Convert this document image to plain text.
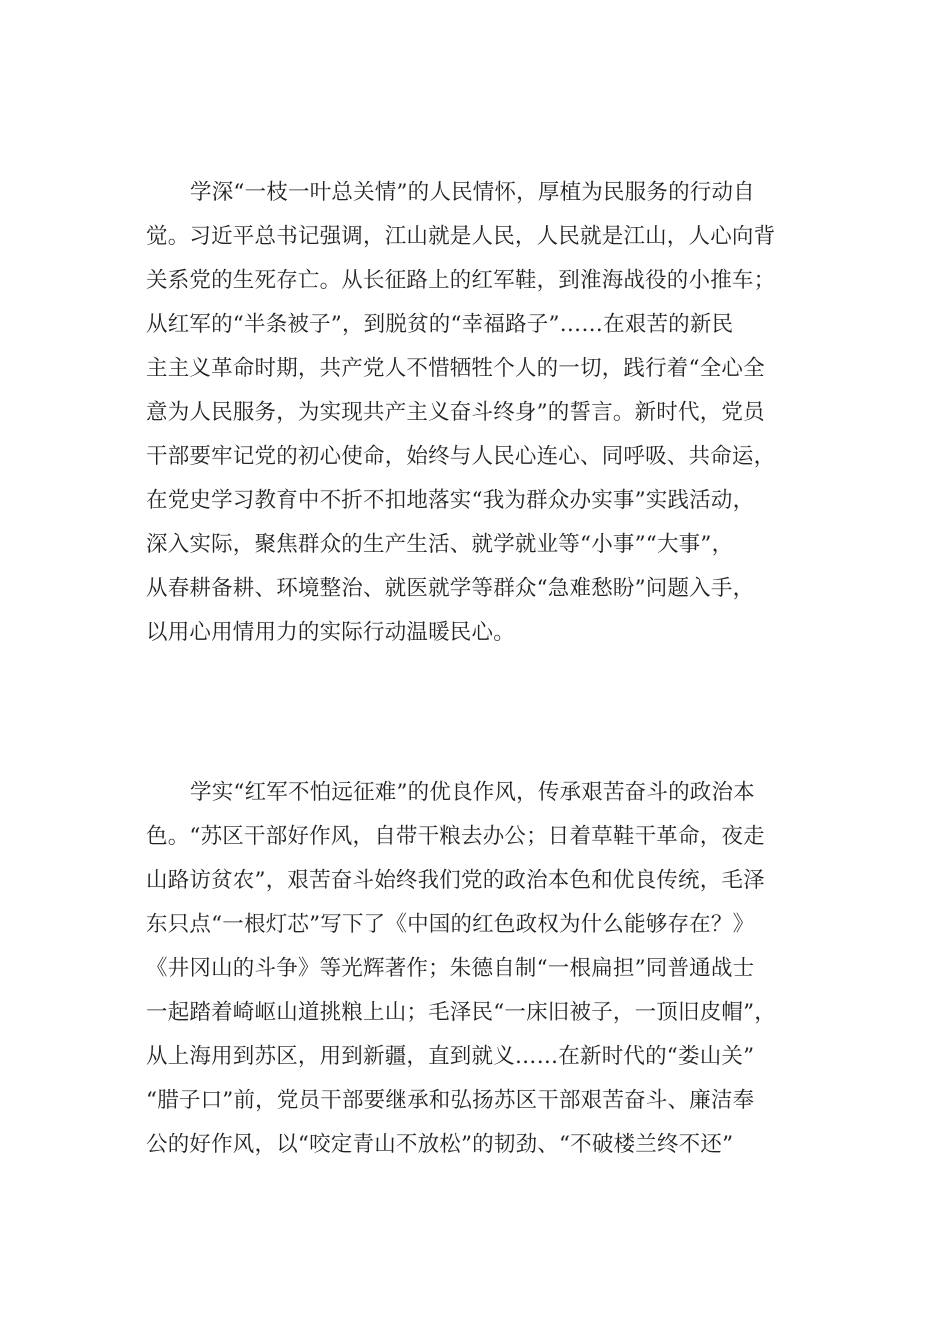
学深“一枝一叶总关情”的人民情怀，厚植为民服务的行动自
觉。习近平总书记强调，江山就是人民，人民就是江山，人心向背
关系党的生死存亡。从长征路上的红军鞋，到淮海战役的小推车；
从红军的“半条被子”，到脱贫的“幸福路子”……在艰苦的新民
主主义革命时期，共产党人不惜牺牲个人的一切，践行着“全心全
意为人民服务，为实现共产主义奋斗终身”的誓言。新时代，党员
干部要牢记党的初心使命，始终与人民心连心、同呼吸、共命运，
在党史学习教育中不折不扣地落实“我为群众办实事”实践活动，
深入实际，聚焦群众的生产生活、就学就业等“小事”“大事”，
从春耕备耕、环境整治、就医就学等群众“急难愁盼”问题入手，
以用心用情用力的实际行动温暖民心。
学实“红军不怕远征难”的优良作风，传承艰苦奋斗的政治本
色。“苏区干部好作风，自带干粮去办公；日着草鞋干革命，夜走
山路访贫农”，艰苦奋斗始终我们党的政治本色和优良传统，毛泽
东只点“一根灯芯”写下了《中国的红色政权为什么能够存在？》
《井冈山的斗争》等光辉著作；朱德自制“一根扁担”同普通战士
一起踏着崎岖山道挑粮上山；毛泽民“一床旧被子，一顶旧皮帽”，
从上海用到苏区，用到新疆，直到就义……在新时代的“娄山关”
“腊子口”前，党员干部要继承和弘扬苏区干部艰苦奋斗、廉洁奉
公的好作风，以“咬定青山不放松”的韧劲、“不破楼兰终不还”
